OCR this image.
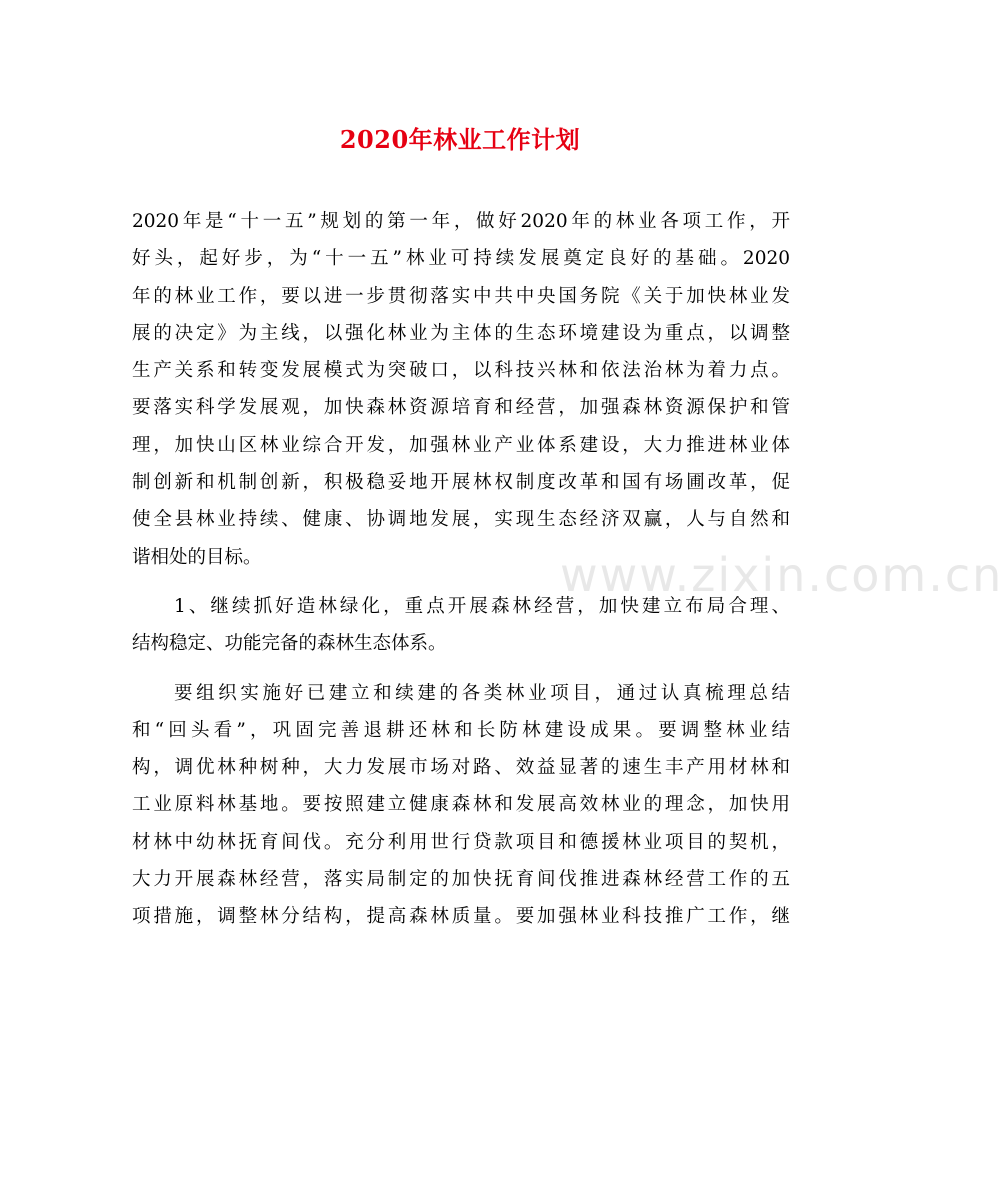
www.zixin.com.cn
2020年林业工作计划
2020年是“十一五”规划的第一年，做好2020年的林业各项工作，开
好头，起好步，为“十一五”林业可持续发展奠定良好的基础。2020
年的林业工作，要以进一步贯彻落实中共中央国务院《关于加快林业发
展的决定》为主线，以强化林业为主体的生态环境建设为重点，以调整
生产关系和转变发展模式为突破口，以科技兴林和依法治林为着力点。
要落实科学发展观，加快森林资源培育和经营，加强森林资源保护和管
理，加快山区林业综合开发，加强林业产业体系建设，大力推进林业体
制创新和机制创新，积极稳妥地开展林权制度改革和国有场圃改革，促
使全县林业持续、健康、协调地发展，实现生态经济双赢，人与自然和
谐相处的目标。
1、继续抓好造林绿化，重点开展森林经营，加快建立布局合理、
结构稳定、功能完备的森林生态体系。
要组织实施好已建立和续建的各类林业项目，通过认真梳理总结
和“回头看”，巩固完善退耕还林和长防林建设成果。要调整林业结
构，调优林种树种，大力发展市场对路、效益显著的速生丰产用材林和
工业原料林基地。要按照建立健康森林和发展高效林业的理念，加快用
材林中幼林抚育间伐。充分利用世行贷款项目和德援林业项目的契机，
大力开展森林经营，落实局制定的加快抚育间伐推进森林经营工作的五
项措施，调整林分结构，提高森林质量。要加强林业科技推广工作，继
